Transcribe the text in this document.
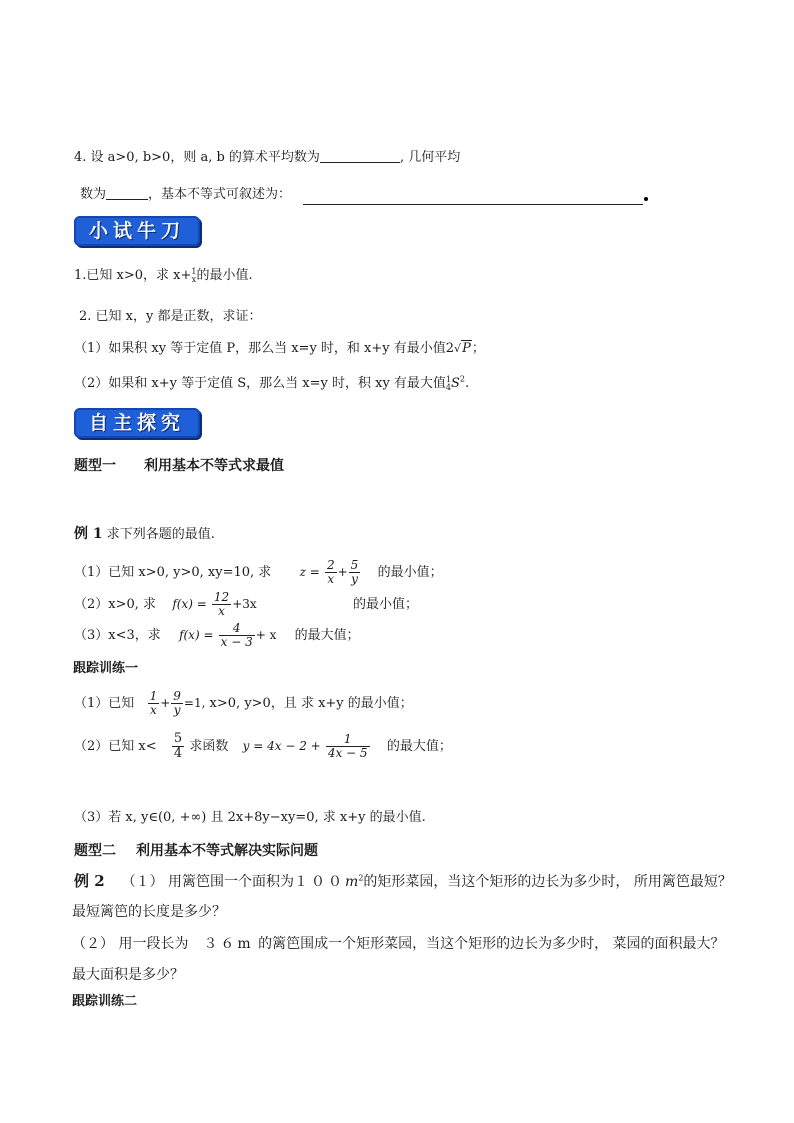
4. 设 a>0, b>0，则 a, b 的算术平均数为	, 几何平均
数为	，基本不等式可叙述为：
小试牛刀
1.已知 x>0，求 x+ 1
x 的最小值.
2. 已知 x，y 都是正数，求证：
（1）如果积 xy 等于定值 P，那么当 x=y 时，和 x+y 有最小值2√P；
（2）如果和 x+y 等于定值 S，那么当 x=y 时，积 xy 有最大值 1
4 $S^2$.
自主探究
题型一 利用基本不等式求最值
例 1 求下列各题的最值.
（1）已知 x>0, y>0, xy=10, 求 $z = \frac{2}{x} + \frac{5}{y}$ 的最小值；
（2）x>0, 求 $f(x) = \frac{12}{x} +3x$	的最小值；
（3）x<3，求 $f(x) = \frac{4}{x - 3} + x$ 的最大值；
跟踪训练一
（1）已知 $\frac{1}{x} + \frac{9}{y} =1$, x>0, y>0，且 求 x+y 的最小值；
（2）已知 $x< \frac{5}{4}$ 求函数 $y = 4x - 2 + \frac{1}{4x - 5}$ 的最大值；
（3）若 x, y∈(0, +∞) 且 2x+8y−xy=0, 求 x+y 的最小值.
题型二 利用基本不等式解决实际问题
例 2 （１） 用篱笆围一个面积为$100m^2$的矩形菜园，当这个矩形的边长为多少时， 所用篱笆最短？
最短篱笆的长度是多少？
（２） 用一段长为 ３６m 的篱笆围成一个矩形菜园，当这个矩形的边长为多少时， 菜园的面积最大？
最大面积是多少？
跟踪训练二
